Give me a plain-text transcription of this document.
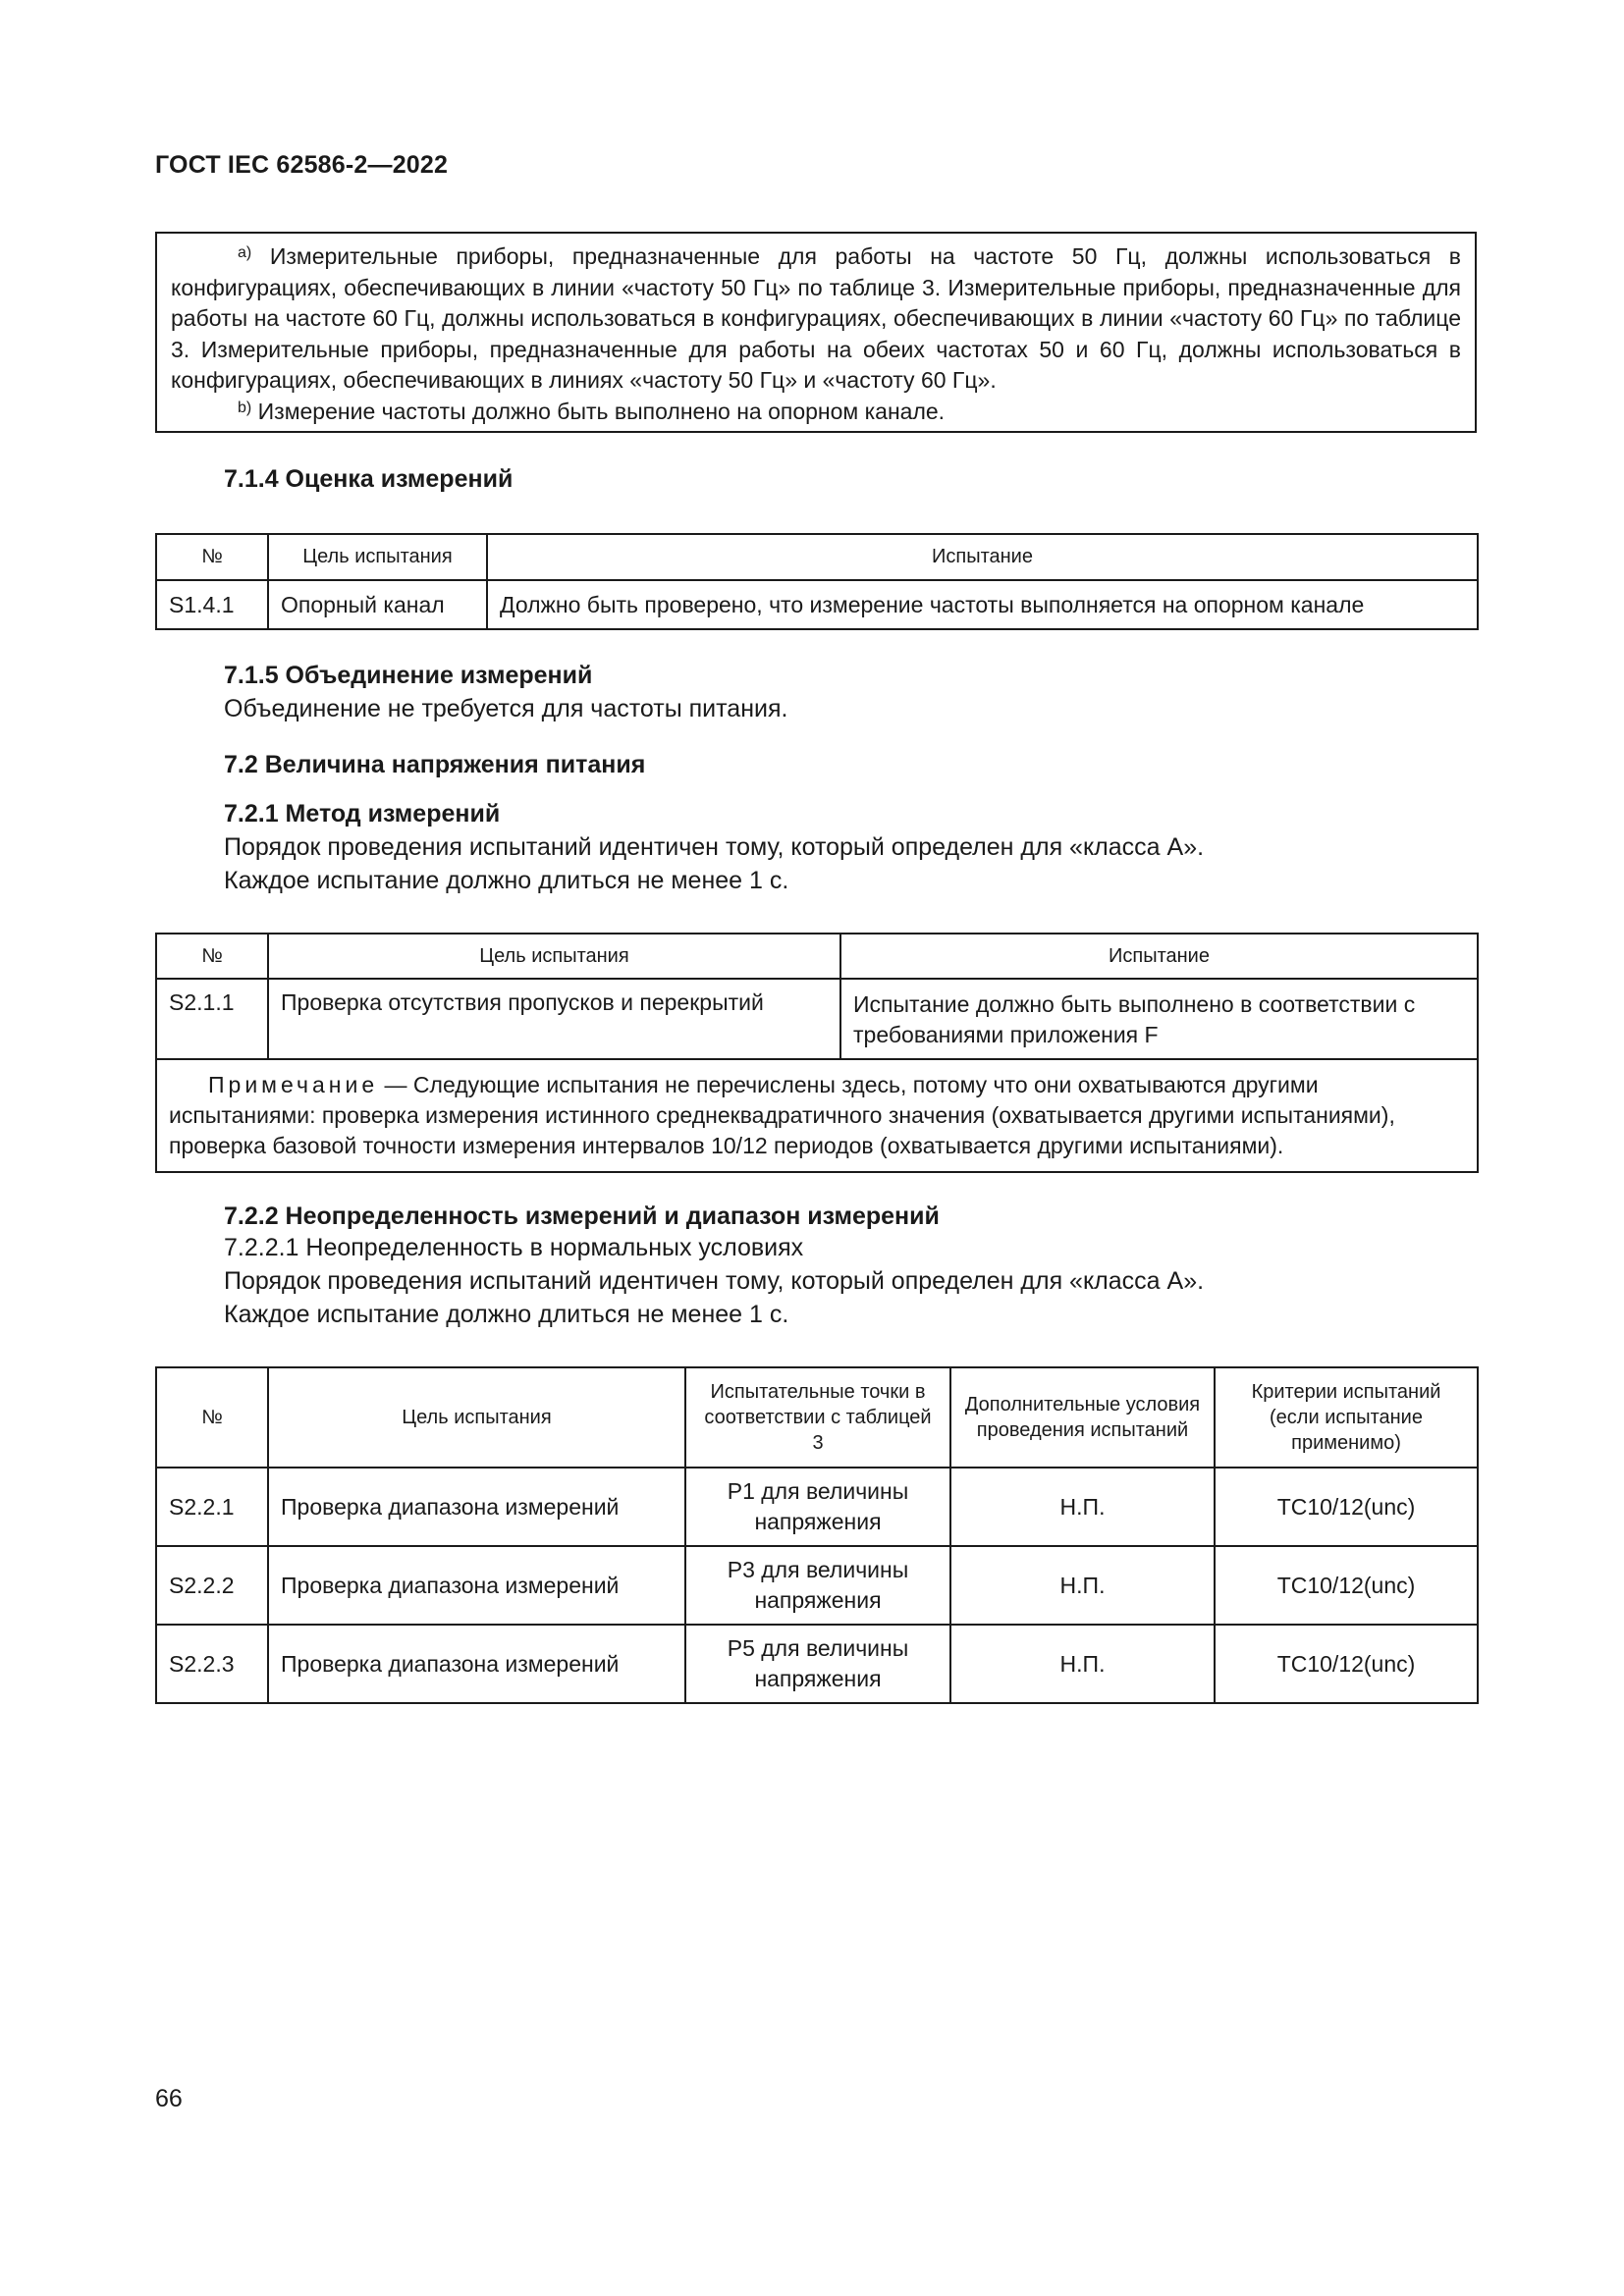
ГОСТ IEC 62586-2—2022

$^{a)}$ Измерительные приборы, предназначенные для работы на частоте 50 Гц, должны использоваться в конфигурациях, обеспечивающих в линии «частоту 50 Гц» по таблице 3. Измерительные приборы, предназначенные для работы на частоте 60 Гц, должны использоваться в конфигурациях, обеспечивающих в линии «частоту 60 Гц» по таблице 3. Измерительные приборы, предназначенные для работы на обеих частотах 50 и 60 Гц, должны использоваться в конфигурациях, обеспечивающих в линиях «частоту 50 Гц» и «частоту 60 Гц».

$^{b)}$ Измерение частоты должно быть выполнено на опорном канале.

7.1.4 Оценка измерений
№	Цель испытания	Испытание
S1.4.1	Опорный канал	Должно быть проверено, что измерение частоты выполняется на опорном канале
7.1.5 Объединение измерений

Объединение не требуется для частоты питания.

7.2 Величина напряжения питания
7.2.1 Метод измерений

Порядок проведения испытаний идентичен тому, который определен для «класса А».

Каждое испытание должно длиться не менее 1 с.

№	Цель испытания	Испытание
S2.1.1	Проверка отсутствия пропусков и перекрытий	Испытание должно быть выполнено в соответствии с требованиями приложения F
Примечание — Следующие испытания не перечислены здесь, потому что они охватываются другими испытаниями: проверка измерения истинного среднеквадратичного значения (охватывается другими испытаниями), проверка базовой точности измерения интервалов 10/12 периодов (охватывается другими испытаниями).		
7.2.2 Неопределенность измерений и диапазон измерений

7.2.2.1 Неопределенность в нормальных условиях

Порядок проведения испытаний идентичен тому, который определен для «класса А».

Каждое испытание должно длиться не менее 1 с.

№	Цель испытания	Испытательные точки в соответствии с таблицей 3	Дополнительные условия проведения испытаний	Критерии испытаний (если испытание применимо)
S2.2.1	Проверка диапазона измерений	P1 для величины напряжения	Н.П.	TC10/12(unc)
S2.2.2	Проверка диапазона измерений	P3 для величины напряжения	Н.П.	TC10/12(unc)
S2.2.3	Проверка диапазона измерений	P5 для величины напряжения	Н.П.	TC10/12(unc)
66
